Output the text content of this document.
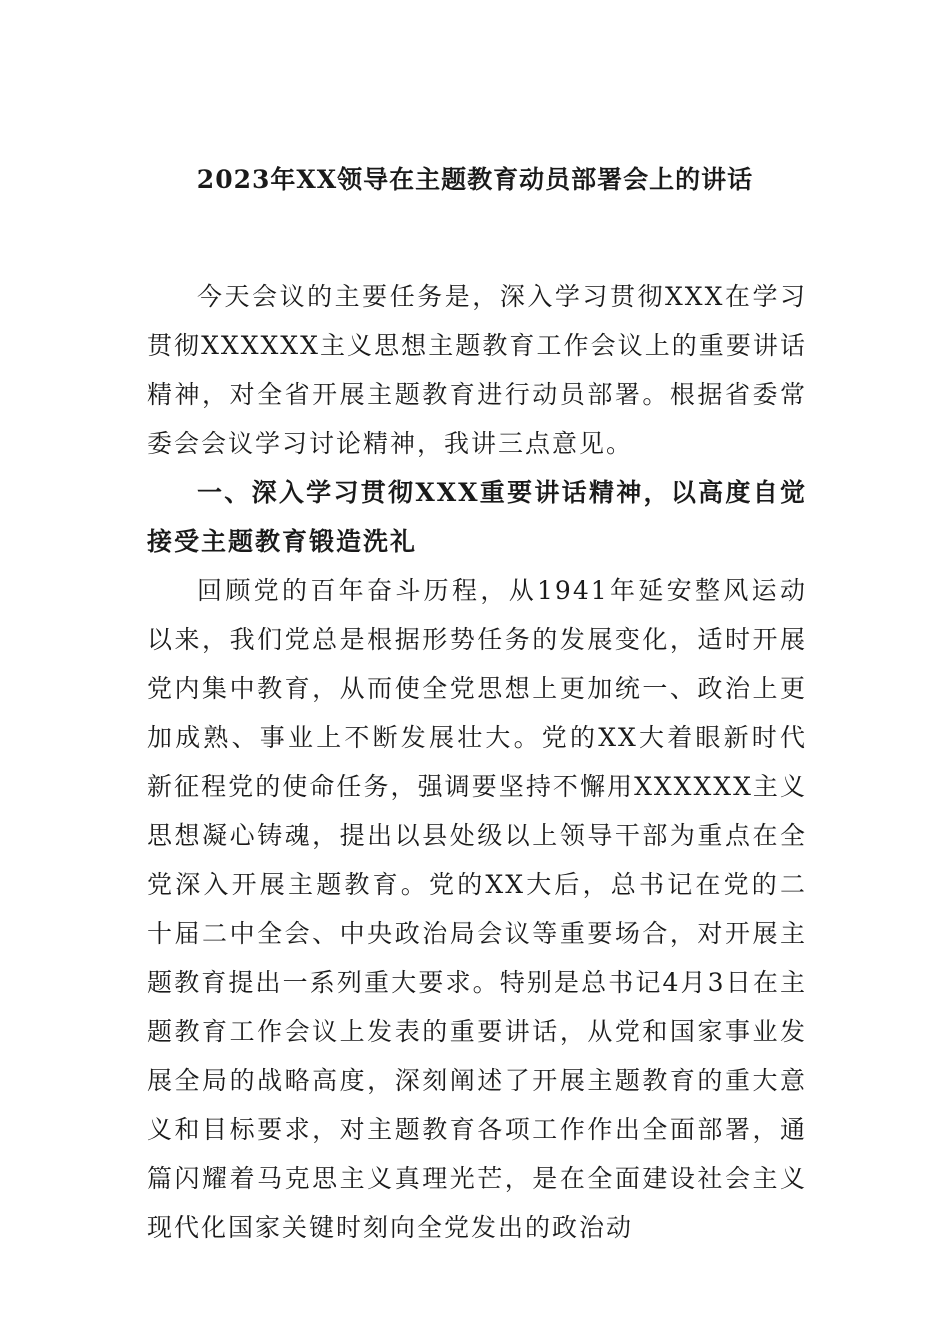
2023年XX领导在主题教育动员部署会上的讲话

今天会议的主要任务是，深入学习贯彻XXX在学习贯彻XXXXXX主义思想主题教育工作会议上的重要讲话精神，对全省开展主题教育进行动员部署。根据省委常委会会议学习讨论精神，我讲三点意见。

一、深入学习贯彻XXX重要讲话精神，以高度自觉接受主题教育锻造洗礼

回顾党的百年奋斗历程，从1941年延安整风运动以来，我们党总是根据形势任务的发展变化，适时开展党内集中教育，从而使全党思想上更加统一、政治上更加成熟、事业上不断发展壮大。党的XX大着眼新时代新征程党的使命任务，强调要坚持不懈用XXXXXX主义思想凝心铸魂，提出以县处级以上领导干部为重点在全党深入开展主题教育。党的XX大后，总书记在党的二十届二中全会、中央政治局会议等重要场合，对开展主题教育提出一系列重大要求。特别是总书记4月3日在主题教育工作会议上发表的重要讲话，从党和国家事业发展全局的战略高度，深刻阐述了开展主题教育的重大意义和目标要求，对主题教育各项工作作出全面部署，通篇闪耀着马克思主义真理光芒，是在全面建设社会主义现代化国家关键时刻向全党发出的政治动
